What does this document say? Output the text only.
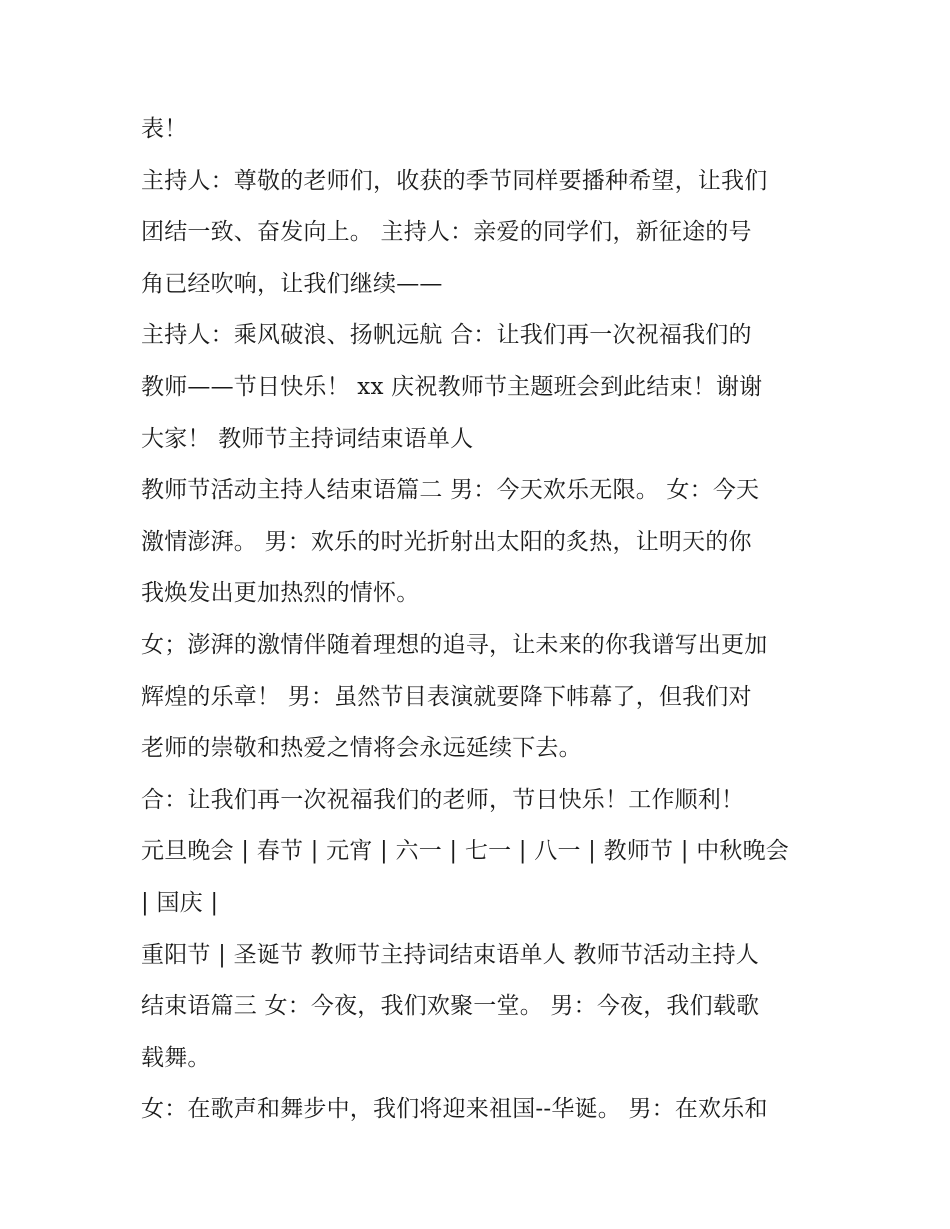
表！
主持人：尊敬的老师们，收获的季节同样要播种希望，让我们
团结一致、奋发向上。 主持人：亲爱的同学们，新征途的号
角已经吹响，让我们继续——
主持人：乘风破浪、扬帆远航 合：让我们再一次祝福我们的
教师——节日快乐！ xx 庆祝教师节主题班会到此结束！谢谢
大家！ 教师节主持词结束语单人
教师节活动主持人结束语篇二 男：今天欢乐无限。 女：今天
激情澎湃。 男：欢乐的时光折射出太阳的炙热，让明天的你
我焕发出更加热烈的情怀。
女；澎湃的激情伴随着理想的追寻，让未来的你我谱写出更加
辉煌的乐章！ 男：虽然节目表演就要降下帏幕了，但我们对
老师的崇敬和热爱之情将会永远延续下去。
合：让我们再一次祝福我们的老师，节日快乐！工作顺利！
元旦晚会 | 春节 | 元宵 | 六一 | 七一 | 八一 | 教师节 | 中秋晚会
| 国庆 |
重阳节 | 圣诞节 教师节主持词结束语单人 教师节活动主持人
结束语篇三 女：今夜，我们欢聚一堂。 男：今夜，我们载歌
载舞。
女：在歌声和舞步中，我们将迎来祖国--华诞。 男：在欢乐和
